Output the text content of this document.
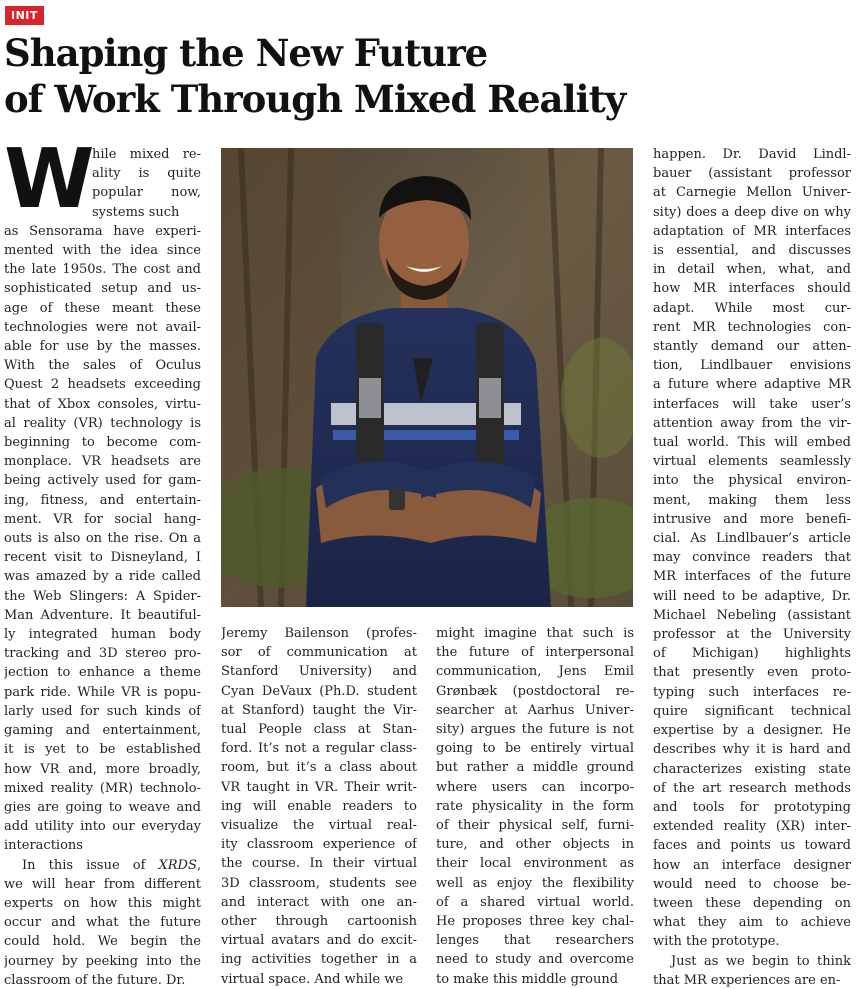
INIT
Shaping the New Future
of Work Through Mixed Reality
W hile mixed re-
ality is quite
popular now,
systems such
as Sensorama have experi-
mented with the idea since
the late 1950s. The cost and
sophisticated setup and us-
age of these meant these
technologies were not avail-
able for use by the masses.
With the sales of Oculus
Quest 2 headsets exceeding
that of Xbox consoles, virtu-
al reality (VR) technology is
beginning to become com-
monplace. VR headsets are
being actively used for gam-
ing, fitness, and entertain-
ment. VR for social hang-
outs is also on the rise. On a
recent visit to Disneyland, I
was amazed by a ride called
the Web Slingers: A Spider-
Man Adventure. It beautiful-
ly integrated human body
tracking and 3D stereo pro-
jection to enhance a theme
park ride. While VR is popu-
larly used for such kinds of
gaming and entertainment,
it is yet to be established
how VR and, more broadly,
mixed reality (MR) technolo-
gies are going to weave and
add utility into our everyday
interactions
In this issue of XRDS,
we will hear from different
experts on how this might
occur and what the future
could hold. We begin the
journey by peeking into the
classroom of the future. Dr.
Jeremy Bailenson (profes-
sor of communication at
Stanford University) and
Cyan DeVaux (Ph.D. student
at Stanford) taught the Vir-
tual People class at Stan-
ford. It’s not a regular class-
room, but it’s a class about
VR taught in VR. Their writ-
ing will enable readers to
visualize the virtual real-
ity classroom experience of
the course. In their virtual
3D classroom, students see
and interact with one an-
other through cartoonish
virtual avatars and do excit-
ing activities together in a
virtual space. And while we
might imagine that such is
the future of interpersonal
communication, Jens Emil
Grønbæk (postdoctoral re-
searcher at Aarhus Univer-
sity) argues the future is not
going to be entirely virtual
but rather a middle ground
where users can incorpo-
rate physicality in the form
of their physical self, furni-
ture, and other objects in
their local environment as
well as enjoy the flexibility
of a shared virtual world.
He proposes three key chal-
lenges that researchers
need to study and overcome
to make this middle ground
happen. Dr. David Lindl-
bauer (assistant professor
at Carnegie Mellon Univer-
sity) does a deep dive on why
adaptation of MR interfaces
is essential, and discusses
in detail when, what, and
how MR interfaces should
adapt. While most cur-
rent MR technologies con-
stantly demand our atten-
tion, Lindlbauer envisions
a future where adaptive MR
interfaces will take user’s
attention away from the vir-
tual world. This will embed
virtual elements seamlessly
into the physical environ-
ment, making them less
intrusive and more benefi-
cial. As Lindlbauer’s article
may convince readers that
MR interfaces of the future
will need to be adaptive, Dr.
Michael Nebeling (assistant
professor at the University
of Michigan) highlights
that presently even proto-
typing such interfaces re-
quire significant technical
expertise by a designer. He
describes why it is hard and
characterizes existing state
of the art research methods
and tools for prototyping
extended reality (XR) inter-
faces and points us toward
how an interface designer
would need to choose be-
tween these depending on
what they aim to achieve
with the prototype.
Just as we begin to think
that MR experiences are en-
